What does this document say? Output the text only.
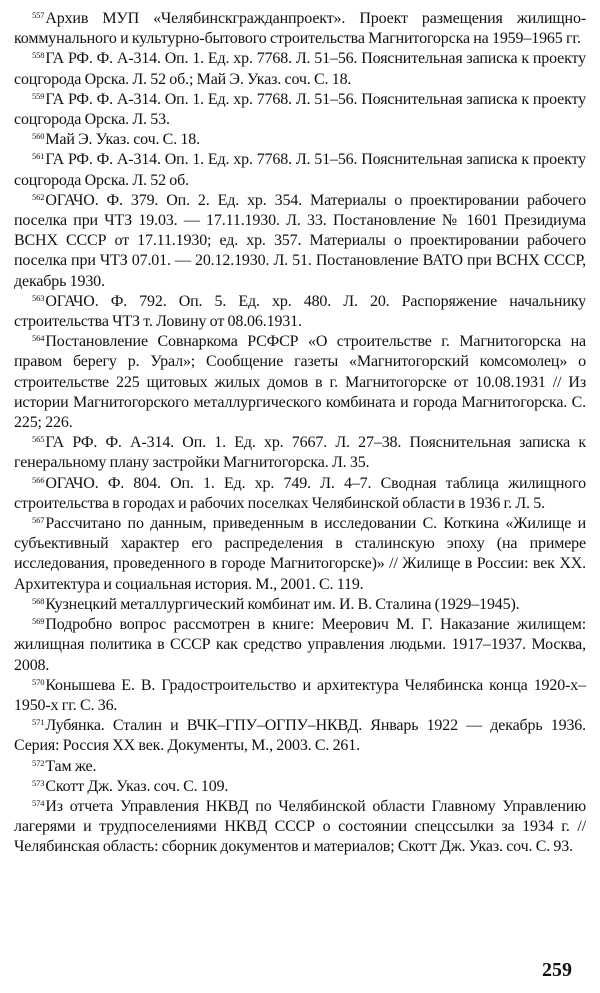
$^{557}$Архив МУП «Челябинскгражданпроект». Проект размещения жилищно-коммунального и культурно-бытового строительства Магнитогорска на 1959–1965 гг.

$^{558}$ГА РФ. Ф. А-314. Оп. 1. Ед. хр. 7768. Л. 51–56. Пояснительная записка к проекту соцгорода Орска. Л. 52 об.; Май Э. Указ. соч. С. 18.

$^{559}$ГА РФ. Ф. А-314. Оп. 1. Ед. хр. 7768. Л. 51–56. Пояснительная записка к проекту соцгорода Орска. Л. 53.

$^{560}$Май Э. Указ. соч. С. 18.

$^{561}$ГА РФ. Ф. А-314. Оп. 1. Ед. хр. 7768. Л. 51–56. Пояснительная записка к проекту соцгорода Орска. Л. 52 об.

$^{562}$ОГАЧО. Ф. 379. Оп. 2. Ед. хр. 354. Материалы о проектировании рабочего поселка при ЧТЗ 19.03. — 17.11.1930. Л. 33. Постановление № 1601 Президиума ВСНХ СССР от 17.11.1930; ед. хр. 357. Материалы о проектировании рабочего поселка при ЧТЗ 07.01. — 20.12.1930. Л. 51. Постановление ВАТО при ВСНХ СССР, декабрь 1930.

$^{563}$ОГАЧО. Ф. 792. Оп. 5. Ед. хр. 480. Л. 20. Распоряжение начальнику строительства ЧТЗ т. Ловину от 08.06.1931.

$^{564}$Постановление Совнаркома РСФСР «О строительстве г. Магнитогорска на правом берегу р. Урал»; Сообщение газеты «Магнитогорский комсомолец» о строительстве 225 щитовых жилых домов в г. Магнитогорске от 10.08.1931 // Из истории Магнитогорского металлургического комбината и города Магнитогорска. С. 225; 226.

$^{565}$ГА РФ. Ф. А-314. Оп. 1. Ед. хр. 7667. Л. 27–38. Пояснительная записка к генеральному плану застройки Магнитогорска. Л. 35.

$^{566}$ОГАЧО. Ф. 804. Оп. 1. Ед. хр. 749. Л. 4–7. Сводная таблица жилищного строительства в городах и рабочих поселках Челябинской области в 1936 г. Л. 5.

$^{567}$Рассчитано по данным, приведенным в исследовании С. Коткина «Жилище и субъективный характер его распределения в сталинскую эпоху (на примере исследования, проведенного в городе Магнитогорске)» // Жилище в России: век XX. Архитектура и социальная история. М., 2001. С. 119.

$^{568}$Кузнецкий металлургический комбинат им. И. В. Сталина (1929–1945).

$^{569}$Подробно вопрос рассмотрен в книге: Меерович М. Г. Наказание жилищем: жилищная политика в СССР как средство управления людьми. 1917–1937. Москва, 2008.

$^{570}$Конышева Е. В. Градостроительство и архитектура Челябинска конца 1920-х–1950-х гг. С. 36.

$^{571}$Лубянка. Сталин и ВЧК–ГПУ–ОГПУ–НКВД. Январь 1922 — декабрь 1936. Серия: Россия XX век. Документы, М., 2003. С. 261.

$^{572}$Там же.

$^{573}$Скотт Дж. Указ. соч. С. 109.

$^{574}$Из отчета Управления НКВД по Челябинской области Главному Управлению лагерями и трудпоселениями НКВД СССР о состоянии спецссылки за 1934 г. // Челябинская область: сборник документов и материалов; Скотт Дж. Указ. соч. С. 93.

259
